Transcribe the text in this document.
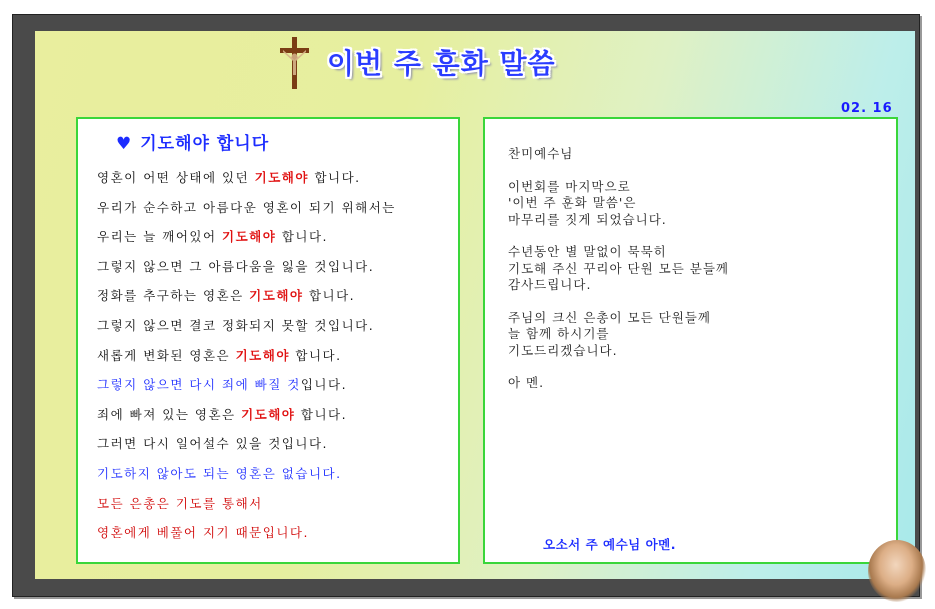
이번 주 훈화 말씀
02. 16
♥ 기도해야 합니다
영혼이 어떤 상태에 있던 기도해야 합니다.
우리가 순수하고 아름다운 영혼이 되기 위해서는
우리는 늘 깨어있어 기도해야 합니다.
그렇지 않으면 그 아름다움을 잃을 것입니다.
정화를 추구하는 영혼은 기도해야 합니다.
그렇지 않으면 결코 정화되지 못할 것입니다.
새롭게 변화된 영혼은 기도해야 합니다.
그렇지 않으면 다시 죄에 빠질 것입니다.
죄에 빠져 있는 영혼은 기도해야 합니다.
그러면 다시 일어설수 있을 것입니다.
기도하지 않아도 되는 영혼은 없습니다.
모든 은총은 기도를 통해서
영혼에게 베풀어 지기 때문입니다.
찬미예수님
이번회를 마지막으로
'이번 주 훈화 말씀'은
마무리를 짓게 되었습니다.
수년동안 별 말없이 묵묵히
기도해 주신 꾸리아 단원 모든 분들께
감사드립니다.
주님의 크신 은총이 모든 단원들께
늘 함께 하시기를
기도드리겠습니다.
아 멘.
오소서 주 예수님 아멘.
